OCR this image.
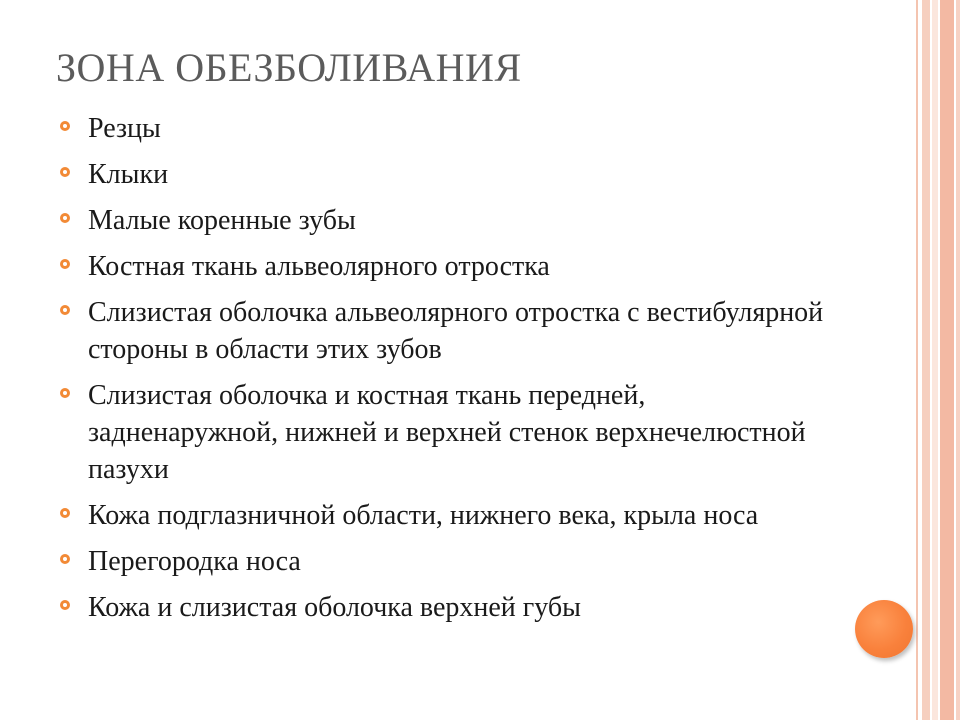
ЗОНА ОБЕЗБОЛИВАНИЯ
Резцы
Клыки
Малые коренные зубы
Костная ткань альвеолярного отростка
Слизистая оболочка альвеолярного отростка с вестибулярной стороны в области этих зубов
Слизистая оболочка и костная ткань передней, задненаружной, нижней и верхней стенок верхнечелюстной пазухи
Кожа подглазничной области, нижнего века, крыла носа
Перегородка носа
Кожа и слизистая оболочка верхней губы
